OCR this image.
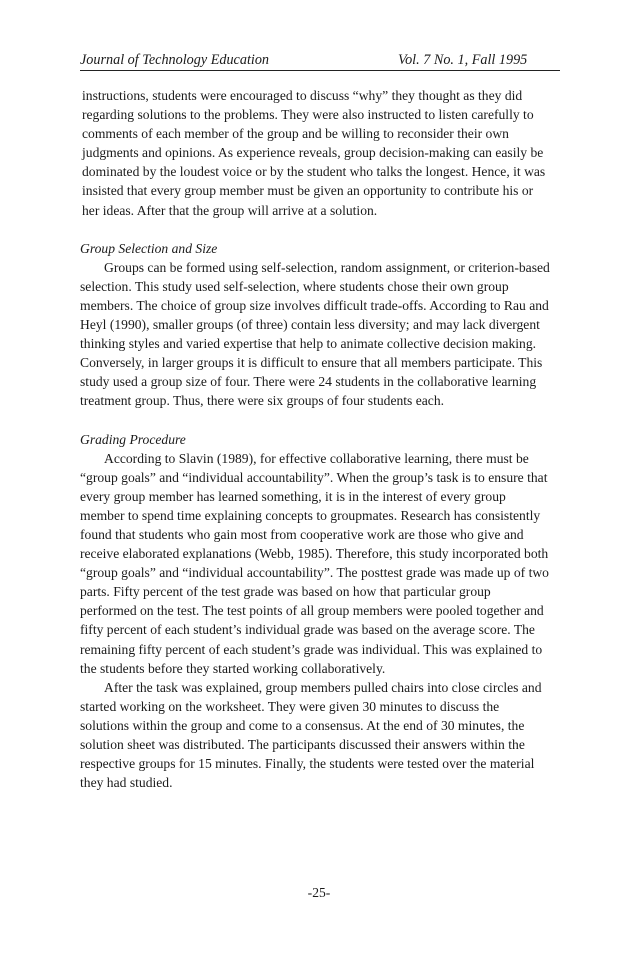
Journal of Technology Education	Vol. 7 No. 1, Fall 1995

instructions, students were encouraged to discuss “why” they thought as they did regarding solutions to the problems. They were also instructed to listen carefully to comments of each member of the group and be willing to reconsider their own judgments and opinions. As experience reveals, group decision-making can easily be dominated by the loudest voice or by the student who talks the longest. Hence, it was insisted that every group member must be given an opportunity to contribute his or her ideas. After that the group will arrive at a solution.

Group Selection and Size

Groups can be formed using self-selection, random assignment, or criterion-based selection. This study used self-selection, where students chose their own group members. The choice of group size involves difficult trade-offs. According to Rau and Heyl (1990), smaller groups (of three) contain less diversity; and may lack divergent thinking styles and varied expertise that help to animate collective decision making. Conversely, in larger groups it is difficult to ensure that all members participate. This study used a group size of four. There were 24 students in the collaborative learning treatment group. Thus, there were six groups of four students each.

Grading Procedure

According to Slavin (1989), for effective collaborative learning, there must be “group goals” and “individual accountability”. When the group’s task is to ensure that every group member has learned something, it is in the interest of every group member to spend time explaining concepts to groupmates. Research has consistently found that students who gain most from cooperative work are those who give and receive elaborated explanations (Webb, 1985). Therefore, this study incorporated both “group goals” and “individual accountability”. The posttest grade was made up of two parts. Fifty percent of the test grade was based on how that particular group performed on the test. The test points of all group members were pooled together and fifty percent of each student’s individual grade was based on the average score. The remaining fifty percent of each student’s grade was individual. This was explained to the students before they started working collaboratively.

After the task was explained, group members pulled chairs into close circles and started working on the worksheet. They were given 30 minutes to discuss the solutions within the group and come to a consensus. At the end of 30 minutes, the solution sheet was distributed. The participants discussed their answers within the respective groups for 15 minutes. Finally, the students were tested over the material they had studied.

-25-
